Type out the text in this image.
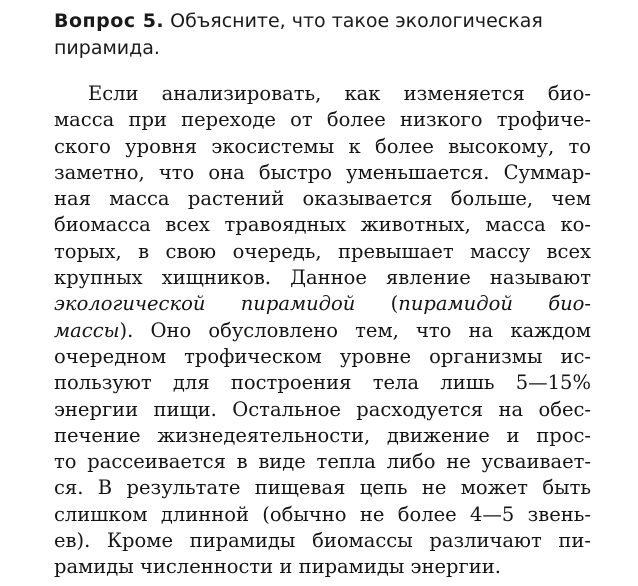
Вопрос 5. Объясните, что такое экологическая
пирамида.
Если анализировать, как изменяется био-
масса при переходе от более низкого трофиче-
ского уровня экосистемы к более высокому, то
заметно, что она быстро уменьшается. Суммар-
ная масса растений оказывается больше, чем
биомасса всех травоядных животных, масса ко-
торых, в свою очередь, превышает массу всех
крупных хищников. Данное явление называют
экологической пирамидой (пирамидой био-
массы). Оно обусловлено тем, что на каждом
очередном трофическом уровне организмы ис-
пользуют для построения тела лишь 5—15%
энергии пищи. Остальное расходуется на обес-
печение жизнедеятельности, движение и прос-
то рассеивается в виде тепла либо не усваивает-
ся. В результате пищевая цепь не может быть
слишком длинной (обычно не более 4—5 звень-
ев). Кроме пирамиды биомассы различают пи-
рамиды численности и пирамиды энергии.
